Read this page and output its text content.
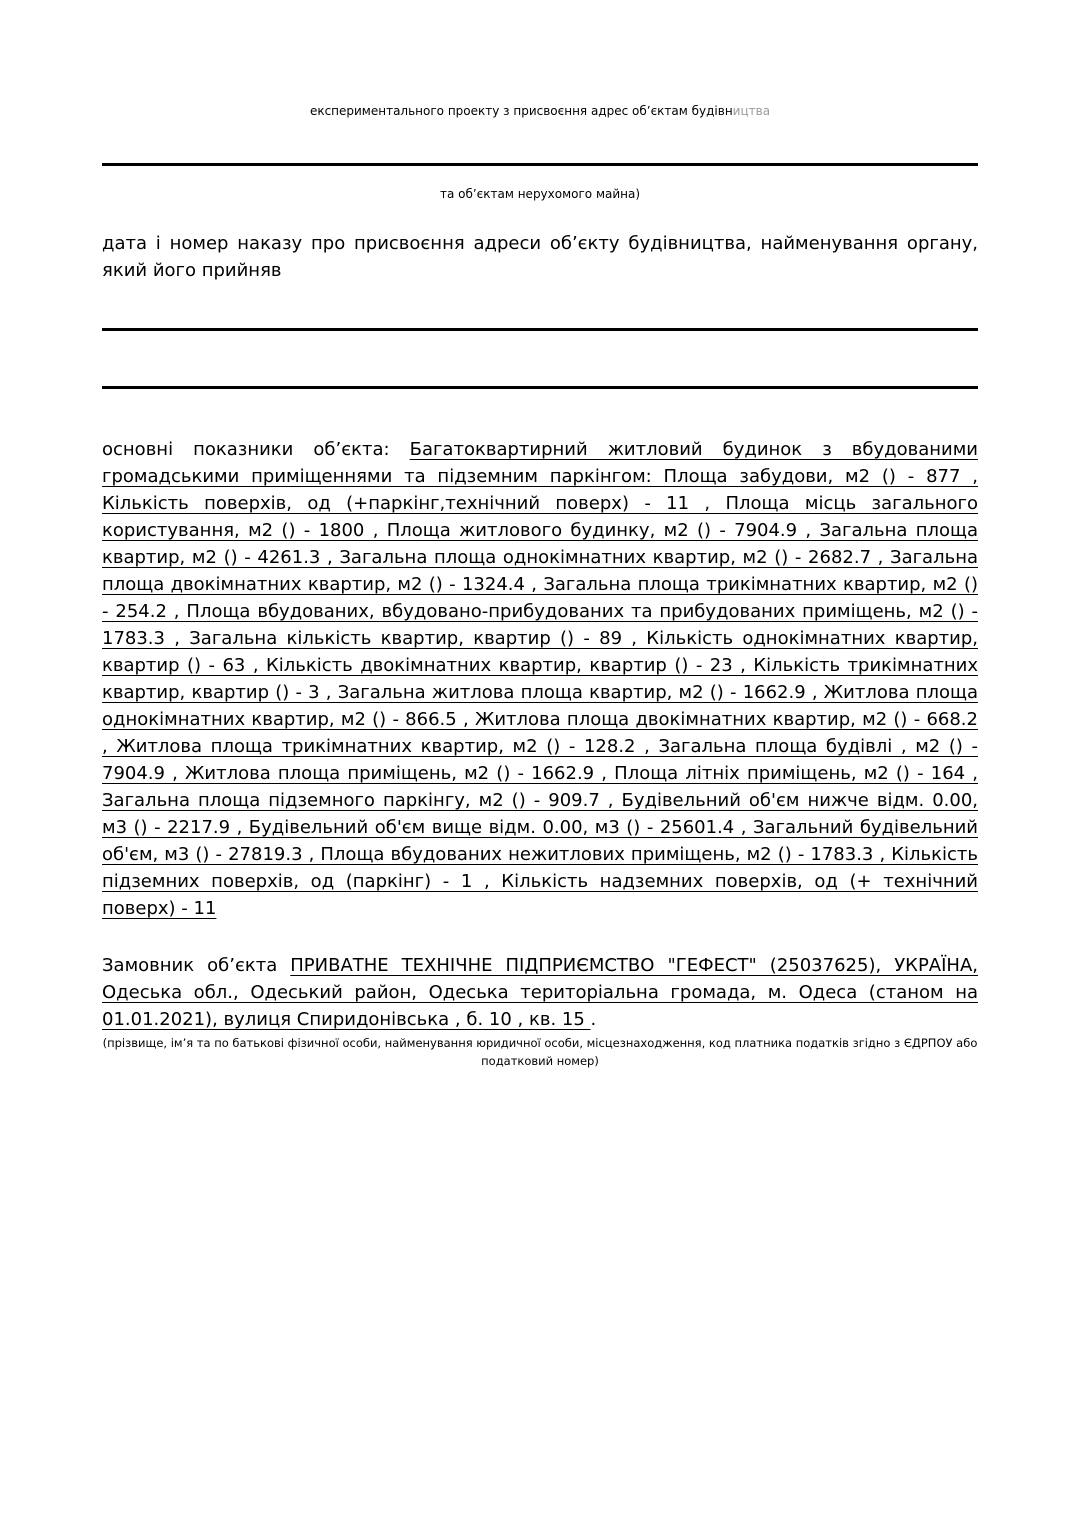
експериментального проекту з присвоєння адрес об’єктам будівництва
та об’єктам нерухомого майна)
дата і номер наказу про присвоєння адреси об’єкту будівництва, найменування органу, який його прийняв
основні показники об’єкта: Багатоквартирний житловий будинок з вбудованими громадськими приміщеннями та підземним паркінгом: Площа забудови, м2 () - 877 , Кількість поверхів, од (+паркінг,технічний поверх) - 11 , Площа місць загального користування, м2 () - 1800 , Площа житлового будинку, м2 () - 7904.9 , Загальна площа квартир, м2 () - 4261.3 , Загальна площа однокімнатних квартир, м2 () - 2682.7 , Загальна площа двокімнатних квартир, м2 () - 1324.4 , Загальна площа трикімнатних квартир, м2 () - 254.2 , Площа вбудованих, вбудовано-прибудованих та прибудованих приміщень, м2 () - 1783.3 , Загальна кількість квартир, квартир () - 89 , Кількість однокімнатних квартир, квартир () - 63 , Кількість двокімнатних квартир, квартир () - 23 , Кількість трикімнатних квартир, квартир () - 3 , Загальна житлова площа квартир, м2 () - 1662.9 , Житлова площа однокімнатних квартир, м2 () - 866.5 , Житлова площа двокімнатних квартир, м2 () - 668.2 , Житлова площа трикімнатних квартир, м2 () - 128.2 , Загальна площа будівлі , м2 () - 7904.9 , Житлова площа приміщень, м2 () - 1662.9 , Площа літніх приміщень, м2 () - 164 , Загальна площа підземного паркінгу, м2 () - 909.7 , Будівельний об'єм нижче відм. 0.00, м3 () - 2217.9 , Будівельний об'єм вище відм. 0.00, м3 () - 25601.4 , Загальний будівельний об'єм, м3 () - 27819.3 , Площа вбудованих нежитлових приміщень, м2 () - 1783.3 , Кількість підземних поверхів, од (паркінг) - 1 , Кількість надземних поверхів, од (+ технічний поверх) - 11
Замовник об’єкта ПРИВАТНЕ ТЕХНІЧНЕ ПІДПРИЄМСТВО "ГЕФЕСТ" (25037625), УКРАЇНА, Одеська обл., Одеський район, Одеська територіальна громада, м. Одеса (станом на 01.01.2021), вулиця Спиридонівська , б. 10 , кв. 15 .
(прізвище, ім’я та по батькові фізичної особи, найменування юридичної особи, місцезнаходження, код платника податків згідно з ЄДРПОУ або податковий номер)
